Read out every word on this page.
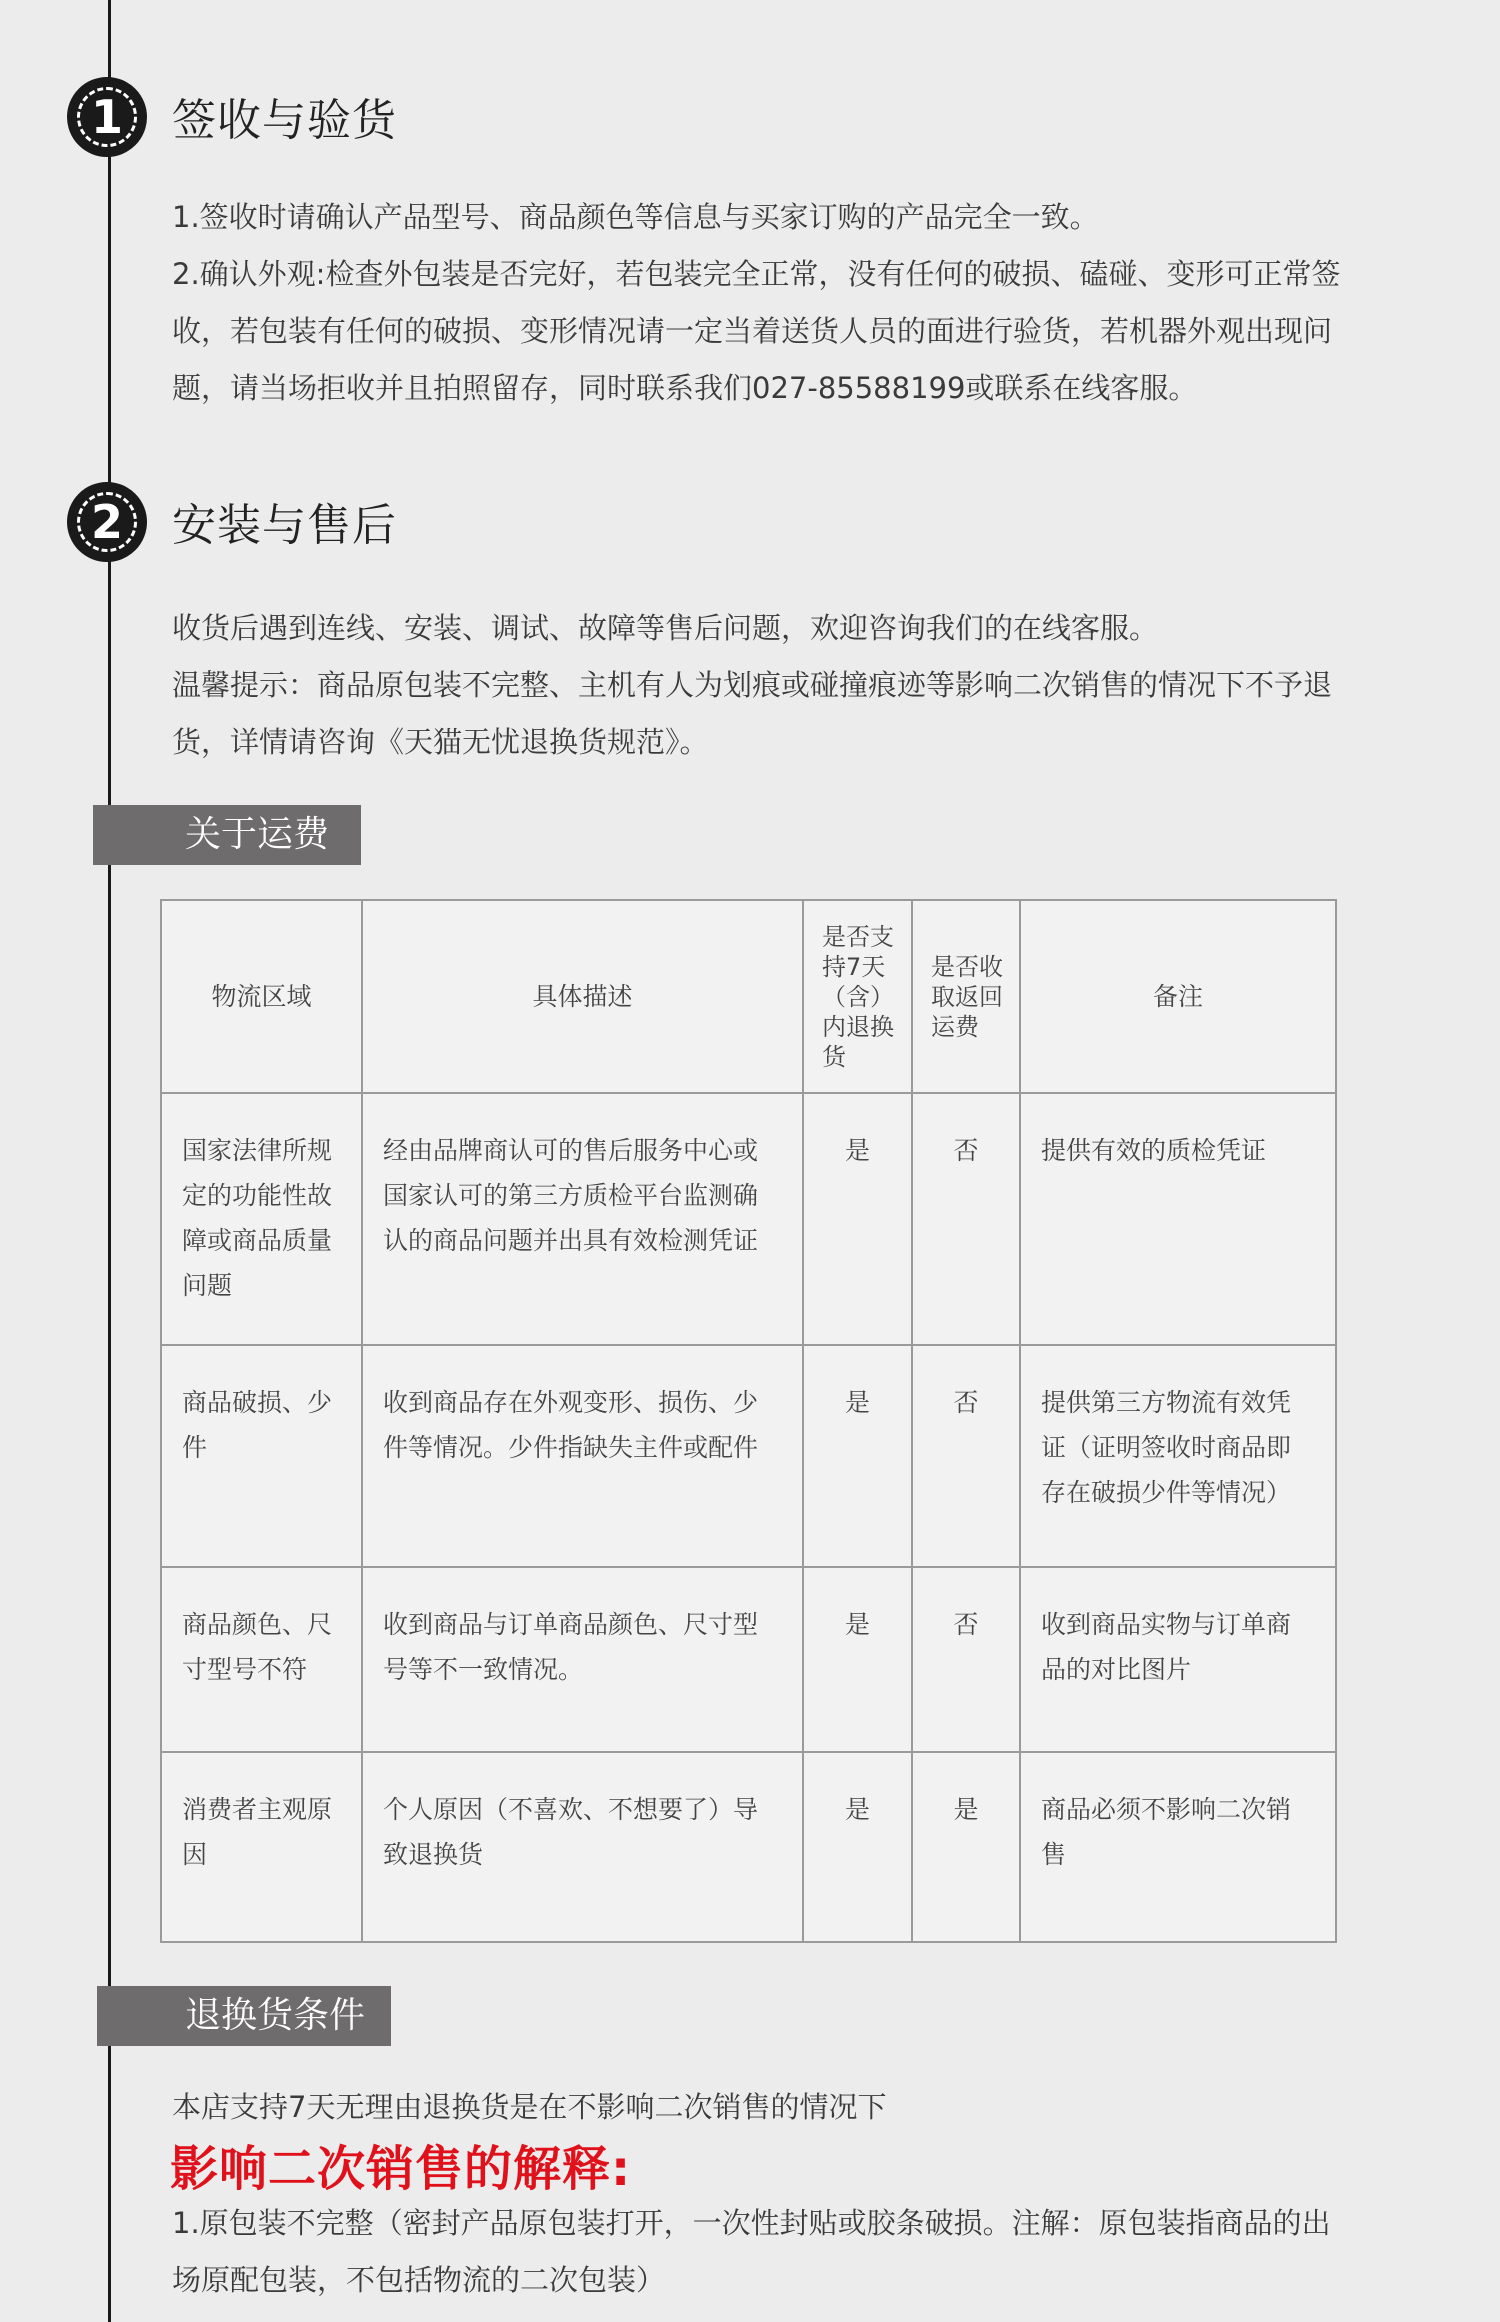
1	签收与验货

1.签收时请确认产品型号、商品颜色等信息与买家订购的产品完全一致。

2.确认外观:检查外包装是否完好，若包装完全正常，没有任何的破损、磕碰、变形可正常签收，若包装有任何的破损、变形情况请一定当着送货人员的面进行验货，若机器外观出现问题，请当场拒收并且拍照留存，同时联系我们027-85588199或联系在线客服。

2	安装与售后

收货后遇到连线、安装、调试、故障等售后问题，欢迎咨询我们的在线客服。

温馨提示：商品原包装不完整、主机有人为划痕或碰撞痕迹等影响二次销售的情况下不予退货，详情请咨询《天猫无忧退换货规范》。

关于运费
物流区域	具体描述	是否支持7天（含）内退换货	是否收取返回运费	备注
国家法律所规定的功能性故障或商品质量问题	经由品牌商认可的售后服务中心或国家认可的第三方质检平台监测确认的商品问题并出具有效检测凭证	是	否	提供有效的质检凭证
商品破损、少件	收到商品存在外观变形、损伤、少件等情况。少件指缺失主件或配件	是	否	提供第三方物流有效凭证（证明签收时商品即存在破损少件等情况）
商品颜色、尺寸型号不符	收到商品与订单商品颜色、尺寸型号等不一致情况。	是	否	收到商品实物与订单商品的对比图片
消费者主观原因	个人原因（不喜欢、不想要了）导致退换货	是	是	商品必须不影响二次销售
退换货条件
本店支持7天无理由退换货是在不影响二次销售的情况下
影响二次销售的解释:
1.原包装不完整（密封产品原包装打开，一次性封贴或胶条破损。注解：原包装指商品的出场原配包装，不包括物流的二次包装）
